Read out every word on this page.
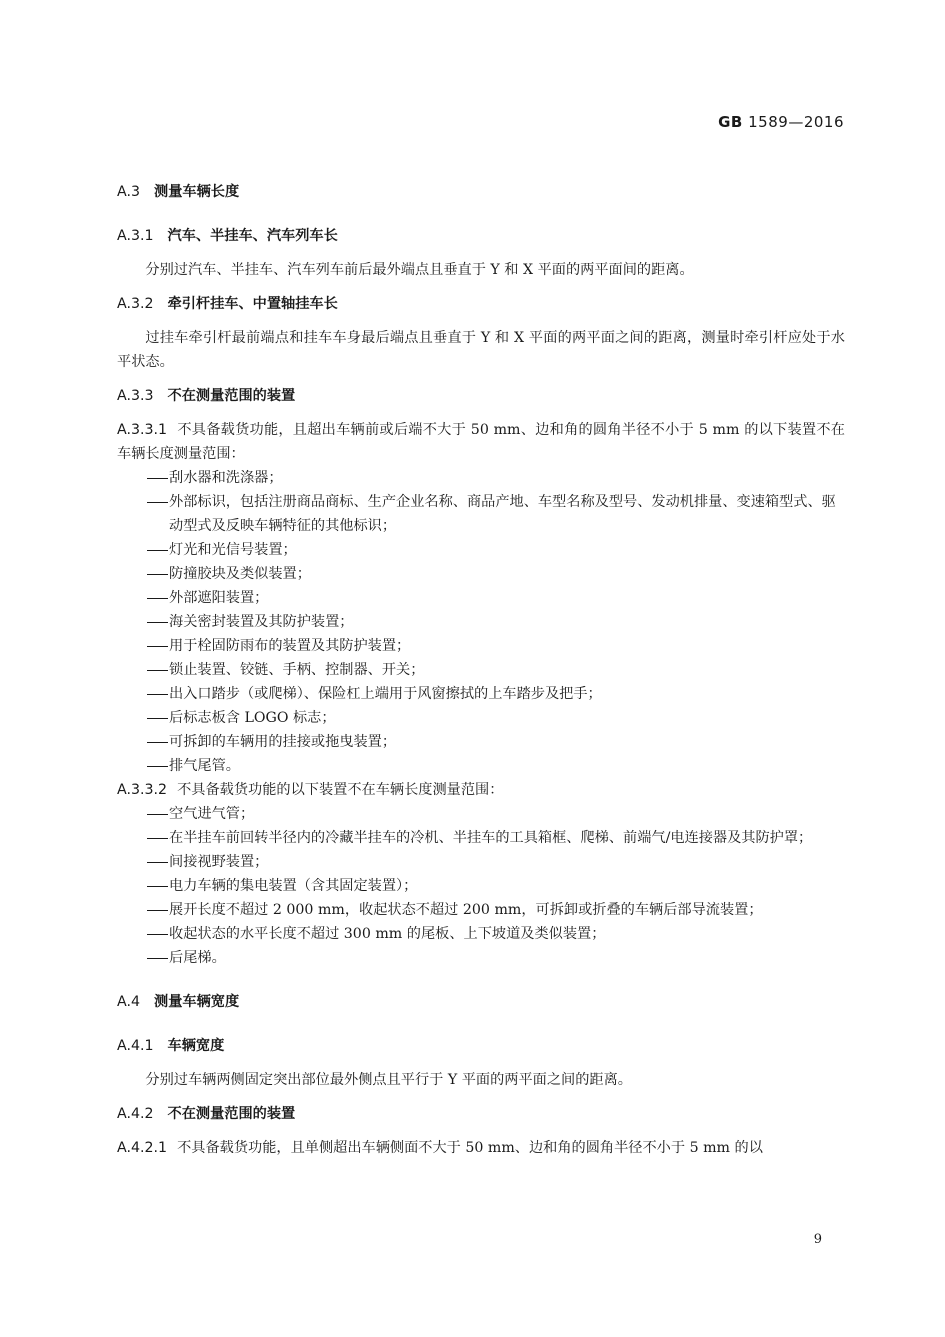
GB 1589—2016

A.3 测量车辆长度

A.3.1 汽车、半挂车、汽车列车长

分别过汽车、半挂车、汽车列车前后最外端点且垂直于 Y 和 X 平面的两平面间的距离。

A.3.2 牵引杆挂车、中置轴挂车长

过挂车牵引杆最前端点和挂车车身最后端点且垂直于 Y 和 X 平面的两平面之间的距离，测量时牵引杆应处于水平状态。

A.3.3 不在测量范围的装置

A.3.3.1 不具备载货功能，且超出车辆前或后端不大于 50 mm、边和角的圆角半径不小于 5 mm 的以下装置不在车辆长度测量范围：

刮水器和洗涤器；
外部标识，包括注册商品商标、生产企业名称、商品产地、车型名称及型号、发动机排量、变速箱型式、驱动型式及反映车辆特征的其他标识；
灯光和光信号装置；
防撞胶块及类似装置；
外部遮阳装置；
海关密封装置及其防护装置；
用于栓固防雨布的装置及其防护装置；
锁止装置、铰链、手柄、控制器、开关；
出入口踏步（或爬梯）、保险杠上端用于风窗擦拭的上车踏步及把手；
后标志板含 LOGO 标志；
可拆卸的车辆用的挂接或拖曳装置；
排气尾管。

A.3.3.2 不具备载货功能的以下装置不在车辆长度测量范围：

空气进气管；
在半挂车前回转半径内的冷藏半挂车的冷机、半挂车的工具箱框、爬梯、前端气/电连接器及其防护罩；
间接视野装置；
电力车辆的集电装置（含其固定装置）；
展开长度不超过 2 000 mm，收起状态不超过 200 mm，可拆卸或折叠的车辆后部导流装置；
收起状态的水平长度不超过 300 mm 的尾板、上下坡道及类似装置；
后尾梯。

A.4 测量车辆宽度

A.4.1 车辆宽度

分别过车辆两侧固定突出部位最外侧点且平行于 Y 平面的两平面之间的距离。

A.4.2 不在测量范围的装置

A.4.2.1 不具备载货功能，且单侧超出车辆侧面不大于 50 mm、边和角的圆角半径不小于 5 mm 的以

9
